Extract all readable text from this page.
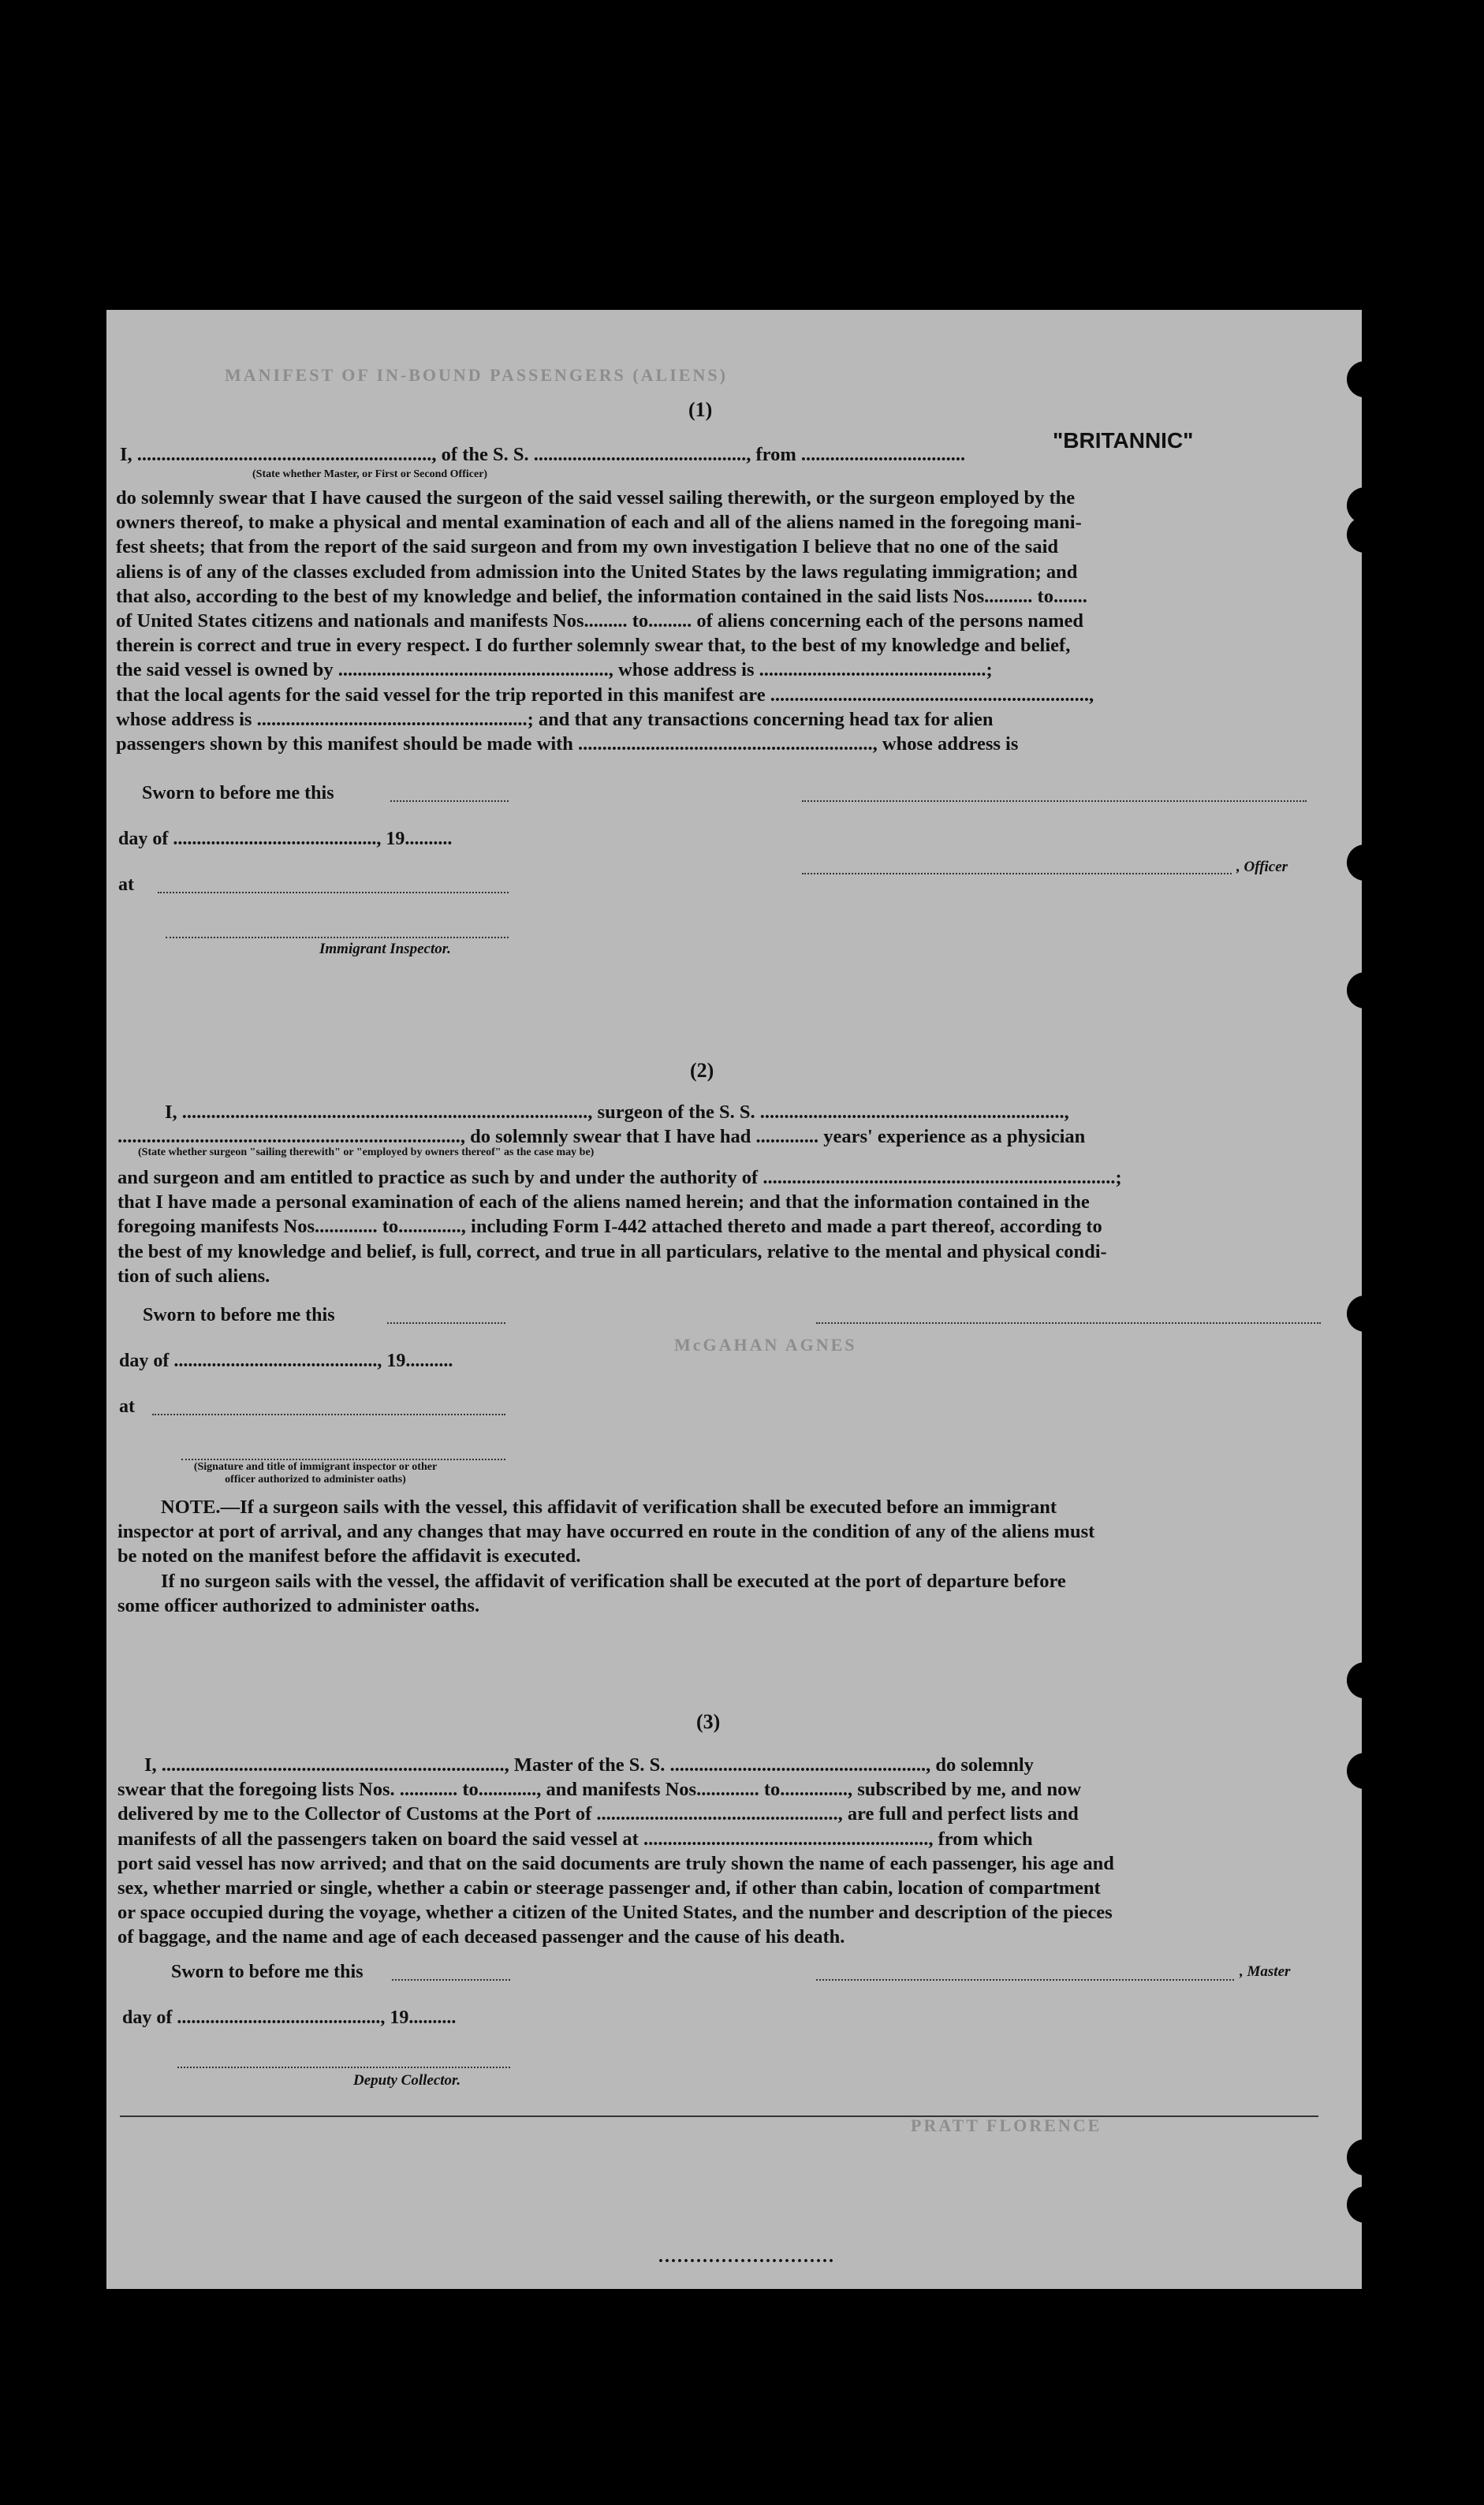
MANIFEST OF IN-BOUND PASSENGERS (ALIENS)
McGAHAN AGNES
PRATT FLORENCE
(1)
"BRITANNIC"
I, ............................................................., of the S. S. ............................................, from ..................................
(State whether Master, or First or Second Officer)
do solemnly swear that I have caused the surgeon of the said vessel sailing therewith, or the surgeon employed by the
owners thereof, to make a physical and mental examination of each and all of the aliens named in the foregoing mani-
fest sheets; that from the report of the said surgeon and from my own investigation I believe that no one of the said
aliens is of any of the classes excluded from admission into the United States by the laws regulating immigration; and
that also, according to the best of my knowledge and belief, the information contained in the said lists Nos.......... to.......
of United States citizens and nationals and manifests Nos......... to......... of aliens concerning each of the persons named
therein is correct and true in every respect. I do further solemnly swear that, to the best of my knowledge and belief,
the said vessel is owned by ........................................................, whose address is ...............................................;
that the local agents for the said vessel for the trip reported in this manifest are ..................................................................,
whose address is ........................................................; and that any transactions concerning head tax for alien
passengers shown by this manifest should be made with ............................................................., whose address is
Sworn to before me this
day of ..........................................., 19..........
at
, Officer
Immigrant Inspector.
(2)
I, ...................................................................................., surgeon of the S. S. ...............................................................,
......................................................................., do solemnly swear that I have had ............. years' experience as a physician
(State whether surgeon "sailing therewith" or "employed by owners thereof" as the case may be)
and surgeon and am entitled to practice as such by and under the authority of .........................................................................;
that I have made a personal examination of each of the aliens named herein; and that the information contained in the
foregoing manifests Nos............. to............., including Form I-442 attached thereto and made a part thereof, according to
the best of my knowledge and belief, is full, correct, and true in all particulars, relative to the mental and physical condi-
tion of such aliens.
Sworn to before me this
day of ..........................................., 19..........
at
(Signature and title of immigrant inspector or other officer authorized to administer oaths)
NOTE.—If a surgeon sails with the vessel, this affidavit of verification shall be executed before an immigrant
inspector at port of arrival, and any changes that may have occurred en route in the condition of any of the aliens must
be noted on the manifest before the affidavit is executed.
If no surgeon sails with the vessel, the affidavit of verification shall be executed at the port of departure before
some officer authorized to administer oaths.
(3)
I, ......................................................................., Master of the S. S. ....................................................., do solemnly
swear that the foregoing lists Nos. ............ to............, and manifests Nos............. to.............., subscribed by me, and now
delivered by me to the Collector of Customs at the Port of .................................................., are full and perfect lists and
manifests of all the passengers taken on board the said vessel at ..........................................................., from which
port said vessel has now arrived; and that on the said documents are truly shown the name of each passenger, his age and
sex, whether married or single, whether a cabin or steerage passenger and, if other than cabin, location of compartment
or space occupied during the voyage, whether a citizen of the United States, and the number and description of the pieces
of baggage, and the name and age of each deceased passenger and the cause of his death.
Sworn to before me this	, Master
day of ..........................................., 19..........
Deputy Collector.
............................
